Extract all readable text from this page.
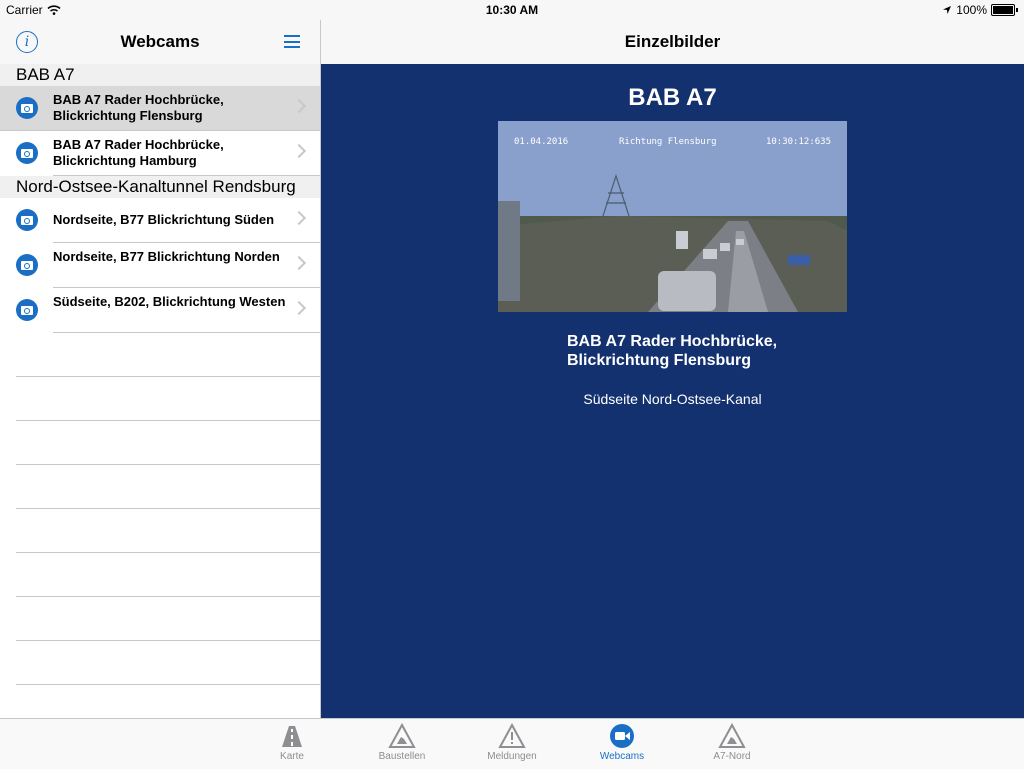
Carrier	10:30 AM	100%
i	Webcams
BAB A7
BAB A7 Rader Hochbrücke, Blickrichtung Flensburg
BAB A7 Rader Hochbrücke, Blickrichtung Hamburg
Nord-Ostsee-Kanaltunnel Rendsburg
Nordseite, B77 Blickrichtung Süden
Nordseite, B77 Blickrichtung Norden
Südseite, B202, Blickrichtung Westen
Einzelbilder
BAB A7
01.04.2016	Richtung Flensburg	10:30:12:635
BAB A7 Rader Hochbrücke, Blickrichtung Flensburg
Südseite Nord-Ostsee-Kanal
Karte	Baustellen	Meldungen	Webcams	A7-Nord
